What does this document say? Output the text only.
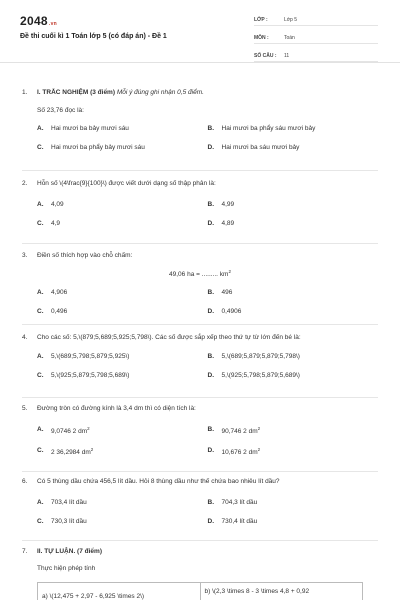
2048.vn
Đề thi cuối kì 1 Toán lớp 5 (có đáp án) - Đề 1
LỚP :	Lớp 5
MÔN :	Toán
SỐ CÂU :	11
1.	I. TRẮC NGHIỆM (3 điểm) Mỗi ý đúng ghi nhận 0,5 điểm.
Số 23,76 đọc là:
A.	Hai mươi ba bảy mươi sáu	B.	Hai mươi ba phẩy sáu mươi bảy
C.	Hai mươi ba phẩy bảy mươi sáu	D.	Hai mươi ba sáu mươi bảy
2.	Hỗn số \(4\frac{9}{100}\) được viết dưới dạng số thập phân là:
A.	4,09	B.	4,99
C.	4,9	D.	4,89
3.	Điền số thích hợp vào chỗ chấm:
49,06 ha = ......... $km^2$
A.	4,906	B.	496
C.	0,496	D.	0,4906
4.	Cho các số: 5,\(879;5,689;5,925;5,798\). Các số được sắp xếp theo thứ tự từ lớn đến bé là:
A.	5,\(689;5,798;5,879;5,925\)	B.	5,\(689;5,879;5,879;5,798\)
C.	5,\(925;5,879;5,798;5,689\)	D.	5,\(925;5,798;5,879;5,689\)
5.	Đường tròn có đường kính là 3,4 dm thì có diện tích là:
A.	9,0746 2 $dm^2$	B.	90,746 2 $dm^2$
C.	2 36,2984 $dm^2$	D.	10,676 2 $dm^2$
6.	Có 5 thùng dầu chứa 456,5 lít dầu. Hỏi 8 thùng dầu như thế chứa bao nhiêu lít dầu?
A.	703,4 lít dầu	B.	704,3 lít dầu
C.	730,3 lít dầu	D.	730,4 lít dầu
7.	II. TỰ LUẬN. (7 điểm)
Thực hiện phép tính
a) \(12,475 + 2,97 - 6,925 \times 2\)
b) \(2,3 \times 8 - 3 \times 4,8 + 0,92
